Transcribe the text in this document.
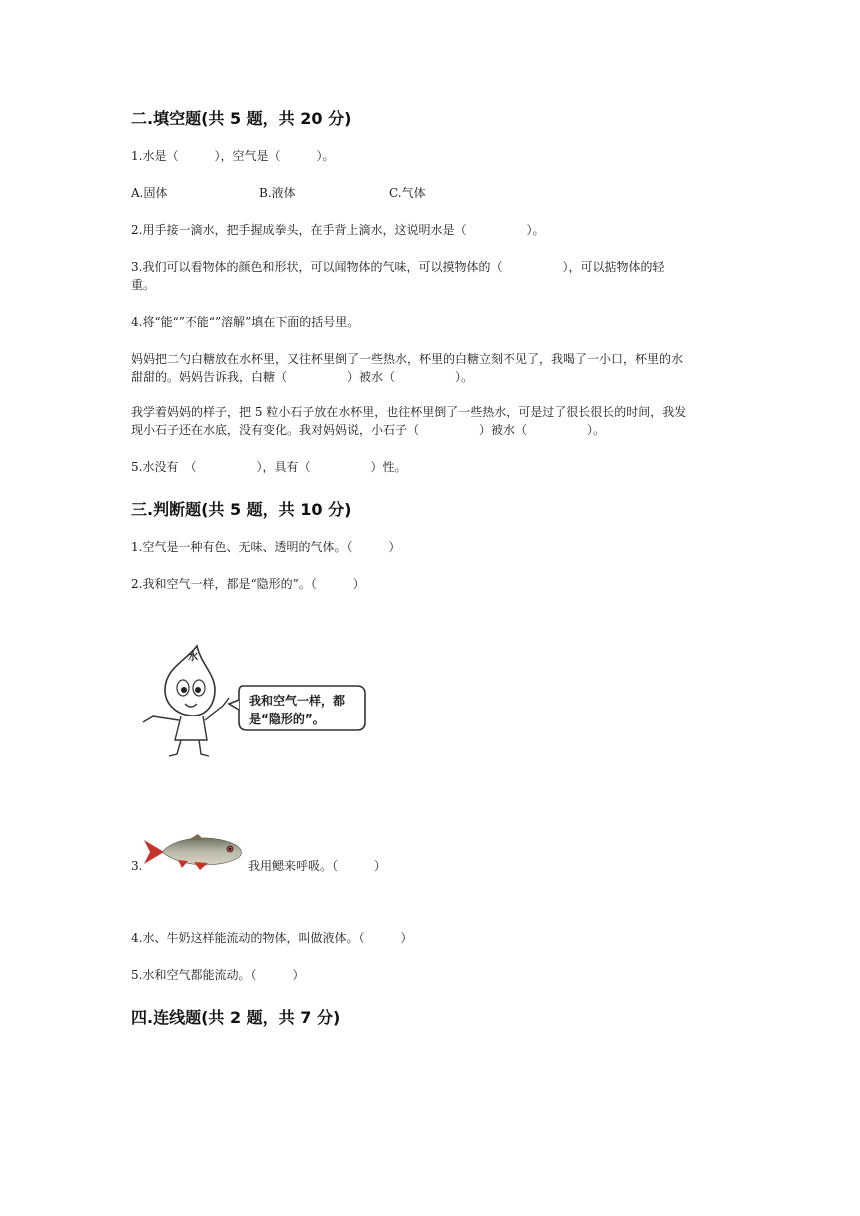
二.填空题(共 5 题，共 20 分)
1.水是（　　　），空气是（　　　）。
A.固体	B.液体	C.气体
2.用手接一滴水，把手握成拳头，在手背上滴水，这说明水是（　　　　　）。
3.我们可以看物体的颜色和形状，可以闻物体的气味，可以摸物体的（　　　　　），可以掂物体的轻
重。
4.将“能“”不能“”溶解”填在下面的括号里。
妈妈把二勺白糖放在水杯里，又往杯里倒了一些热水，杯里的白糖立刻不见了，我喝了一小口，杯里的水
甜甜的。妈妈告诉我，白糖（　　　　　）被水（　　　　　）。
我学着妈妈的样子，把 5 粒小石子放在水杯里，也往杯里倒了一些热水，可是过了很长很长的时间，我发
现小石子还在水底，没有变化。我对妈妈说，小石子（　　　　　）被水（　　　　　）。
5.水没有　（　　　　　），具有（　　　　　）性。
三.判断题(共 5 题，共 10 分)
1.空气是一种有色、无味、透明的气体。（　　　）
2.我和空气一样，都是“隐形的”。（　　　）
水
我和空气一样，都
是“隐形的”。
3.	我用鳃来呼吸。（　　　）
4.水、牛奶这样能流动的物体，叫做液体。（　　　）
5.水和空气都能流动。（　　　）
四.连线题(共 2 题，共 7 分)
